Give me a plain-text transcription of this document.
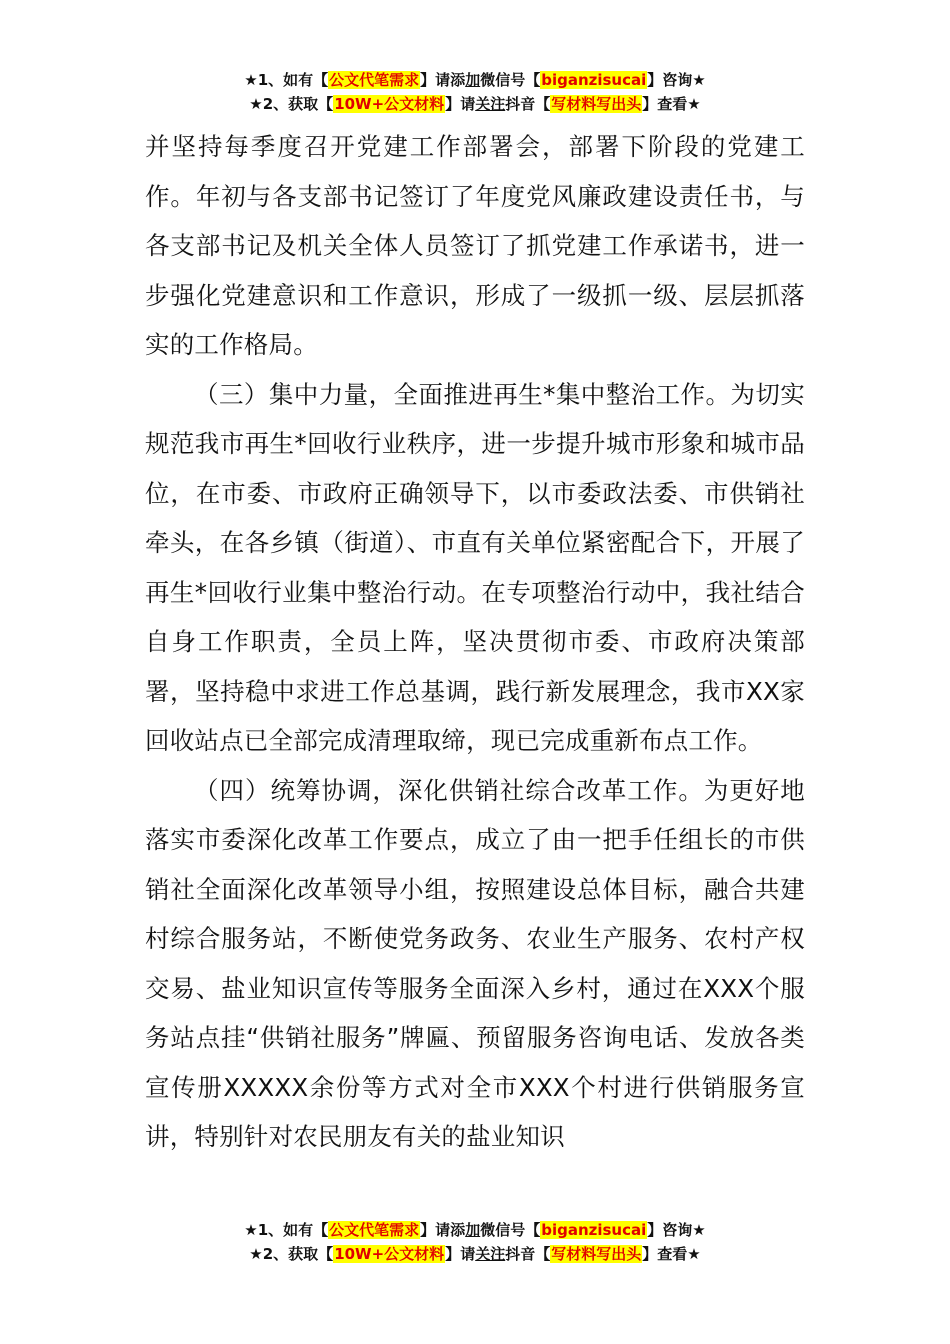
★1、如有【公文代笔需求】请添加微信号【biganzisucai】咨询★
★2、获取【10W+公文材料】请关注抖音【写材料写出头】查看★

并坚持每季度召开党建工作部署会，部署下阶段的党建工作。年初与各支部书记签订了年度党风廉政建设责任书，与各支部书记及机关全体人员签订了抓党建工作承诺书，进一步强化党建意识和工作意识，形成了一级抓一级、层层抓落实的工作格局。

（三）集中力量，全面推进再生*集中整治工作。为切实规范我市再生*回收行业秩序，进一步提升城市形象和城市品位，在市委、市政府正确领导下，以市委政法委、市供销社牵头，在各乡镇（街道）、市直有关单位紧密配合下，开展了再生*回收行业集中整治行动。在专项整治行动中，我社结合自身工作职责，全员上阵，坚决贯彻市委、市政府决策部署，坚持稳中求进工作总基调，践行新发展理念，我市XX家回收站点已全部完成清理取缔，现已完成重新布点工作。

（四）统筹协调，深化供销社综合改革工作。为更好地落实市委深化改革工作要点，成立了由一把手任组长的市供销社全面深化改革领导小组，按照建设总体目标，融合共建村综合服务站，不断使党务政务、农业生产服务、农村产权交易、盐业知识宣传等服务全面深入乡村，通过在XXX个服务站点挂“供销社服务”牌匾、预留服务咨询电话、发放各类宣传册XXXXX余份等方式对全市XXX个村进行供销服务宣讲，特别针对农民朋友有关的盐业知识

★1、如有【公文代笔需求】请添加微信号【biganzisucai】咨询★
★2、获取【10W+公文材料】请关注抖音【写材料写出头】查看★
